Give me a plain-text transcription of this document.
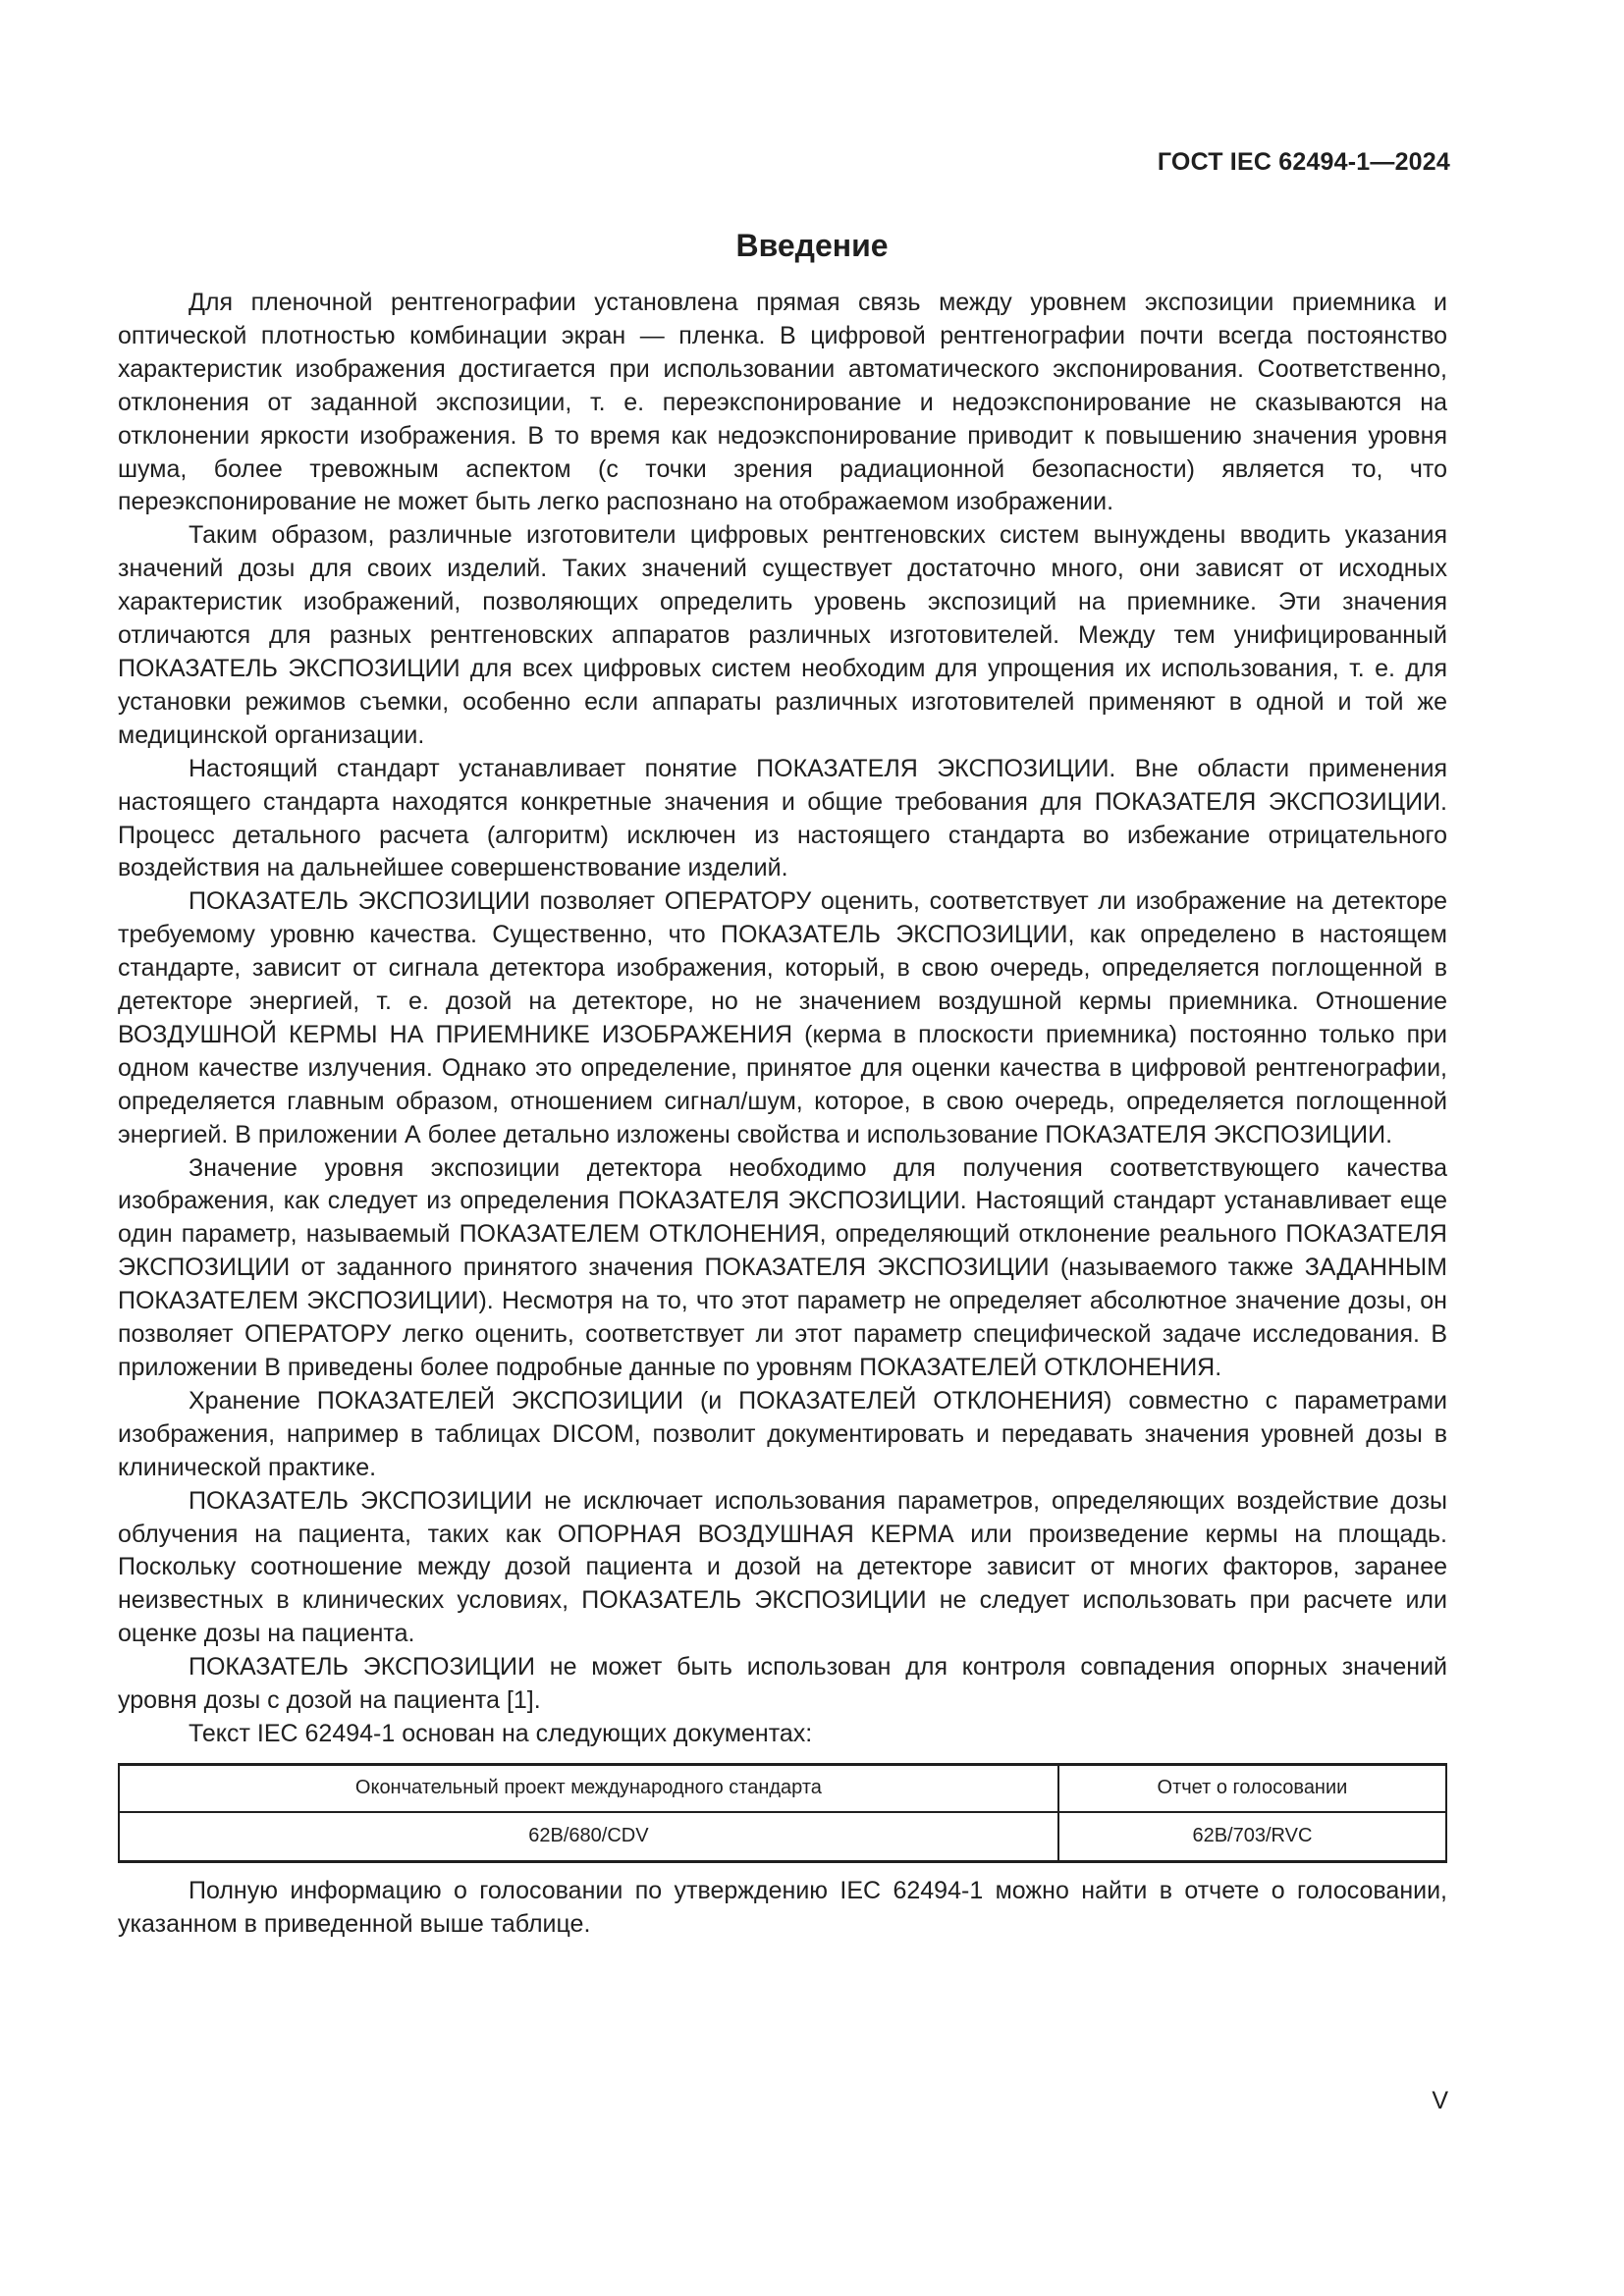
ГОСТ IEC 62494-1—2024
Введение

Для пленочной рентгенографии установлена прямая связь между уровнем экспозиции приемника и оптической плотностью комбинации экран — пленка. В цифровой рентгенографии почти всегда постоянство характеристик изображения достигается при использовании автоматического экспонирования. Соответственно, отклонения от заданной экспозиции, т. е. переэкспонирование и недоэкспонирование не сказываются на отклонении яркости изображения. В то время как недоэкспонирование приводит к повышению значения уровня шума, более тревожным аспектом (с точки зрения радиационной безопасности) является то, что переэкспонирование не может быть легко распознано на отображаемом изображении.

Таким образом, различные изготовители цифровых рентгеновских систем вынуждены вводить указания значений дозы для своих изделий. Таких значений существует достаточно много, они зависят от исходных характеристик изображений, позволяющих определить уровень экспозиций на приемнике. Эти значения отличаются для разных рентгеновских аппаратов различных изготовителей. Между тем унифицированный ПОКАЗАТЕЛЬ ЭКСПОЗИЦИИ для всех цифровых систем необходим для упрощения их использования, т. е. для установки режимов съемки, особенно если аппараты различных изготовителей применяют в одной и той же медицинской организации.

Настоящий стандарт устанавливает понятие ПОКАЗАТЕЛЯ ЭКСПОЗИЦИИ. Вне области применения настоящего стандарта находятся конкретные значения и общие требования для ПОКАЗАТЕЛЯ ЭКСПОЗИЦИИ. Процесс детального расчета (алгоритм) исключен из настоящего стандарта во избежание отрицательного воздействия на дальнейшее совершенствование изделий.

ПОКАЗАТЕЛЬ ЭКСПОЗИЦИИ позволяет ОПЕРАТОРУ оценить, соответствует ли изображение на детекторе требуемому уровню качества. Существенно, что ПОКАЗАТЕЛЬ ЭКСПОЗИЦИИ, как определено в настоящем стандарте, зависит от сигнала детектора изображения, который, в свою очередь, определяется поглощенной в детекторе энергией, т. е. дозой на детекторе, но не значением воздушной кермы приемника. Отношение ВОЗДУШНОЙ КЕРМЫ НА ПРИЕМНИКЕ ИЗОБРАЖЕНИЯ (керма в плоскости приемника) постоянно только при одном качестве излучения. Однако это определение, принятое для оценки качества в цифровой рентгенографии, определяется главным образом, отношением сигнал/шум, которое, в свою очередь, определяется поглощенной энергией. В приложении А более детально изложены свойства и использование ПОКАЗАТЕЛЯ ЭКСПОЗИЦИИ.

Значение уровня экспозиции детектора необходимо для получения соответствующего качества изображения, как следует из определения ПОКАЗАТЕЛЯ ЭКСПОЗИЦИИ. Настоящий стандарт устанавливает еще один параметр, называемый ПОКАЗАТЕЛЕМ ОТКЛОНЕНИЯ, определяющий отклонение реального ПОКАЗАТЕЛЯ ЭКСПОЗИЦИИ от заданного принятого значения ПОКАЗАТЕЛЯ ЭКСПОЗИЦИИ (называемого также ЗАДАННЫМ ПОКАЗАТЕЛЕМ ЭКСПОЗИЦИИ). Несмотря на то, что этот параметр не определяет абсолютное значение дозы, он позволяет ОПЕРАТОРУ легко оценить, соответствует ли этот параметр специфической задаче исследования. В приложении В приведены более подробные данные по уровням ПОКАЗАТЕЛЕЙ ОТКЛОНЕНИЯ.

Хранение ПОКАЗАТЕЛЕЙ ЭКСПОЗИЦИИ (и ПОКАЗАТЕЛЕЙ ОТКЛОНЕНИЯ) совместно с параметрами изображения, например в таблицах DICOM, позволит документировать и передавать значения уровней дозы в клинической практике.

ПОКАЗАТЕЛЬ ЭКСПОЗИЦИИ не исключает использования параметров, определяющих воздействие дозы облучения на пациента, таких как ОПОРНАЯ ВОЗДУШНАЯ КЕРМА или произведение кермы на площадь. Поскольку соотношение между дозой пациента и дозой на детекторе зависит от многих факторов, заранее неизвестных в клинических условиях, ПОКАЗАТЕЛЬ ЭКСПОЗИЦИИ не следует использовать при расчете или оценке дозы на пациента.

ПОКАЗАТЕЛЬ ЭКСПОЗИЦИИ не может быть использован для контроля совпадения опорных значений уровня дозы с дозой на пациента [1].

Текст IEC 62494-1 основан на следующих документах:

Окончательный проект международного стандарта	Отчет о голосовании
62B/680/CDV	62B/703/RVC

Полную информацию о голосовании по утверждению IEC 62494-1 можно найти в отчете о голосовании, указанном в приведенной выше таблице.

V
